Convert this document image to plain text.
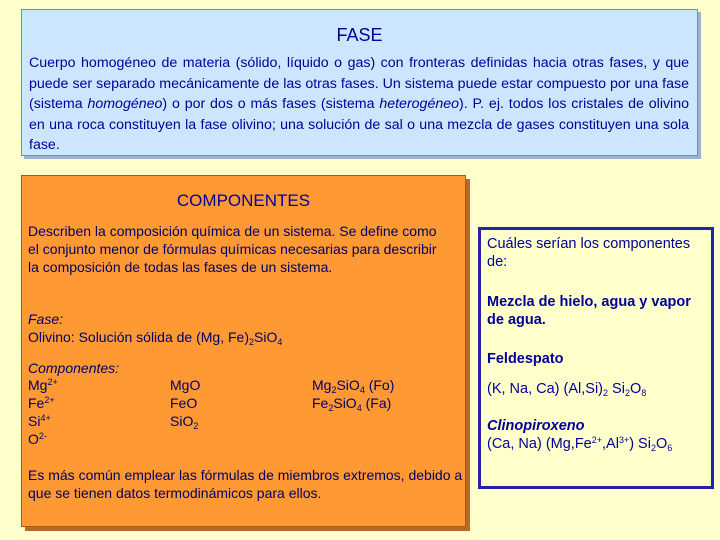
FASE
Cuerpo homogéneo de materia (sólido, líquido o gas) con fronteras definidas hacia otras fases, y que puede ser separado mecánicamente de las otras fases. Un sistema puede estar compuesto por una fase (sistema homogéneo) o por dos o más fases (sistema heterogéneo). P. ej. todos los cristales de olivino en una roca constituyen la fase olivino; una solución de sal o una mezcla de gases constituyen una sola fase.
COMPONENTES
Describen la composición química de un sistema. Se define como el conjunto menor de fórmulas químicas necesarias para describir la composición de todas las fases de un sistema.
Fase:
Olivino: Solución sólida de (Mg, $Fe)_2SiO_4$
Componentes:
$Mg^{2+}$
$Fe^{2+}$
$Si^{4+}$
$O^{2-}$
MgO
FeO
SiO$_2$
$Mg_2SiO_4$ (Fo)
$Fe_2SiO_4$ (Fa)
Es más común emplear las fórmulas de miembros extremos, debido a que se tienen datos termodinámicos para ellos.
Cuáles serían los componentes de:
Mezcla de hielo, agua y vapor de agua.
Feldespato
(K, Na, Ca) $(Al,Si)_2$ $Si_2O_8$
Clinopiroxeno
(Ca, Na) $(Mg,Fe^{2+},Al^{3+})$ $Si_2O_6$
